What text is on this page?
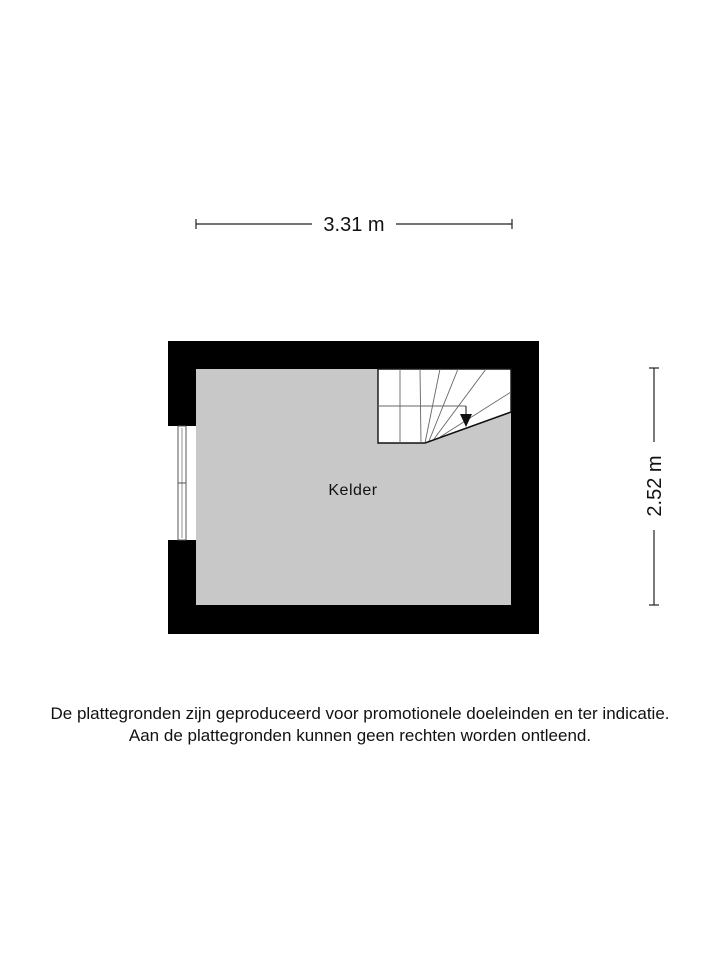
3.31 m
2.52 m
Kelder
De plattegronden zijn geproduceerd voor promotionele doeleinden en ter indicatie.
Aan de plattegronden kunnen geen rechten worden ontleend.
